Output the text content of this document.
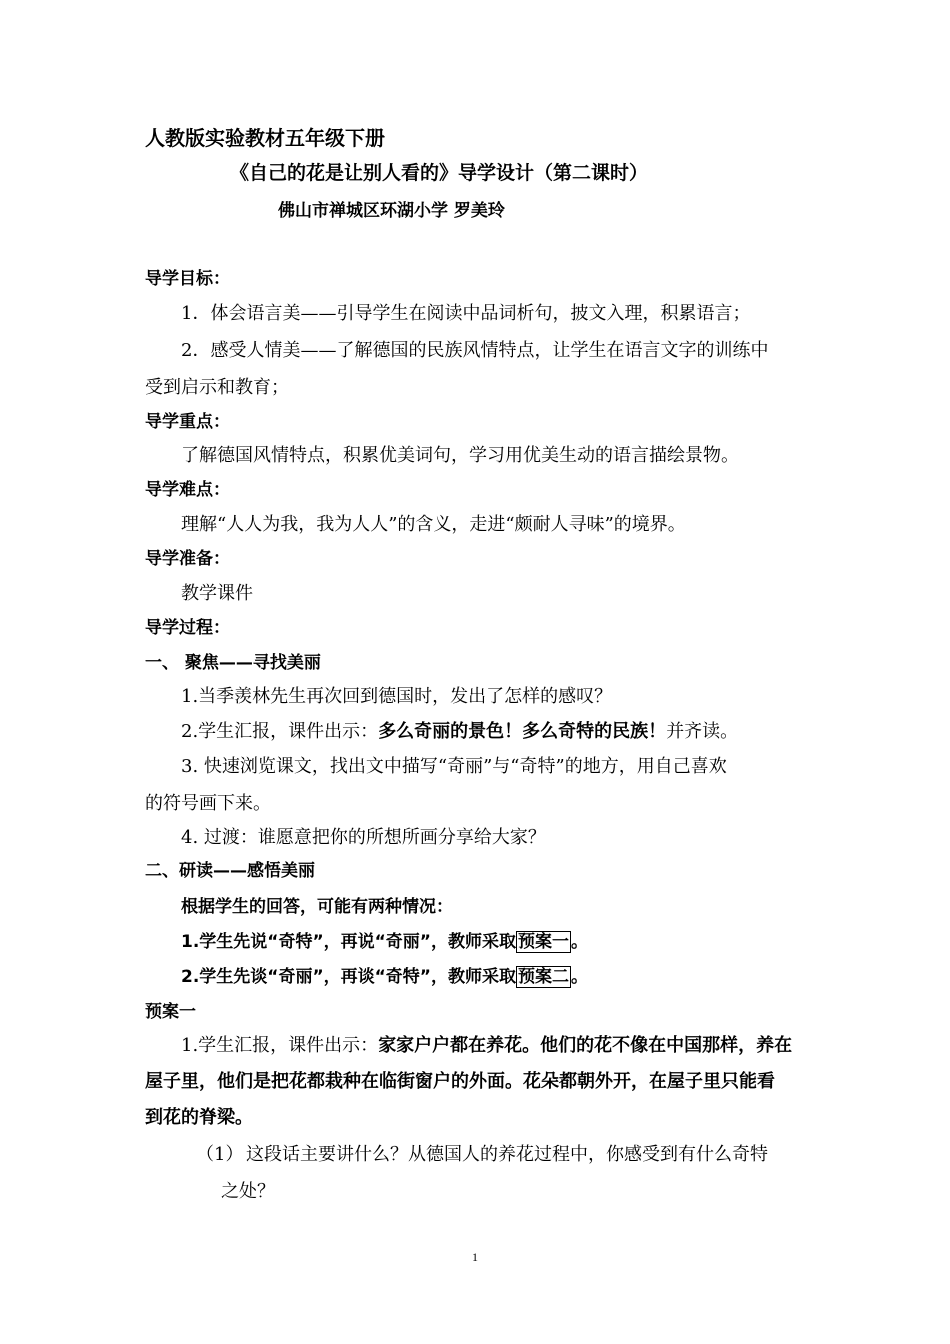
人教版实验教材五年级下册
《自己的花是让别人看的》导学设计（第二课时）
佛山市禅城区环湖小学 罗美玲
导学目标：
1．体会语言美——引导学生在阅读中品词析句，披文入理，积累语言；
2．感受人情美——了解德国的民族风情特点，让学生在语言文字的训练中
受到启示和教育；
导学重点：
了解德国风情特点，积累优美词句，学习用优美生动的语言描绘景物。
导学难点：
理解“人人为我，我为人人”的含义，走进“颇耐人寻味”的境界。
导学准备：
教学课件
导学过程：
一、 聚焦——寻找美丽
1.当季羡林先生再次回到德国时，发出了怎样的感叹？
2.学生汇报，课件出示：多么奇丽的景色！多么奇特的民族！并齐读。
3. 快速浏览课文，找出文中描写“奇丽”与“奇特”的地方，用自己喜欢
的符号画下来。
4. 过渡：谁愿意把你的所想所画分享给大家？
二、研读——感悟美丽
根据学生的回答，可能有两种情况：
1.学生先说“奇特”，再说“奇丽”，教师采取 预案一 。
2.学生先谈“奇丽”，再谈“奇特”，教师采取 预案二 。
预案一
1.学生汇报，课件出示：家家户户都在养花。他们的花不像在中国那样，养在
屋子里，他们是把花都栽种在临街窗户的外面。花朵都朝外开，在屋子里只能看
到花的脊梁。
（1） 这段话主要讲什么？从德国人的养花过程中，你感受到有什么奇特
之处？
1
